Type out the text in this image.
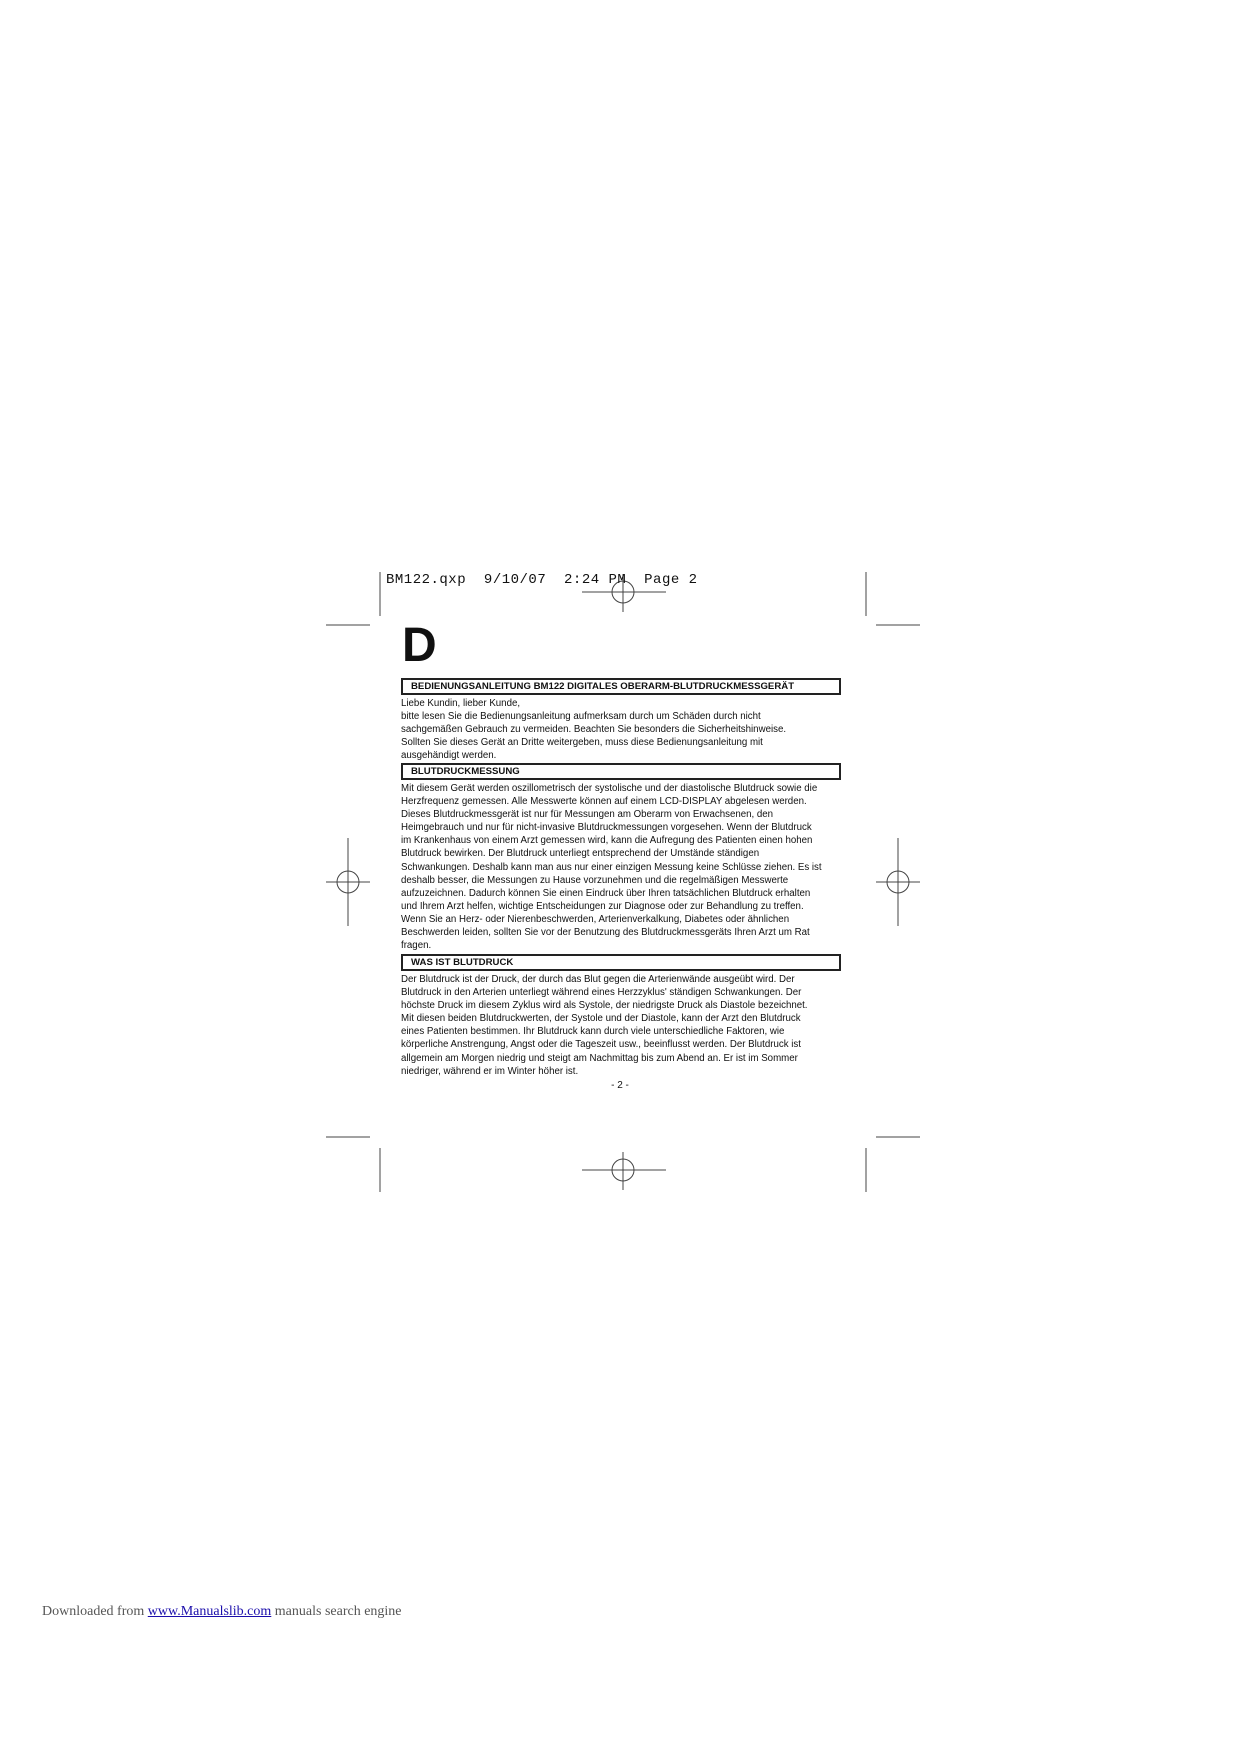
BM122.qxp  9/10/07  2:24 PM  Page 2
D
BEDIENUNGSANLEITUNG BM122 DIGITALES OBERARM-BLUTDRUCKMESSGERÄT
Liebe Kundin, lieber Kunde,
bitte lesen Sie die Bedienungsanleitung aufmerksam durch um Schäden durch nicht
sachgemäßen Gebrauch zu vermeiden. Beachten Sie besonders die Sicherheitshinweise.
Sollten Sie dieses Gerät an Dritte weitergeben, muss diese Bedienungsanleitung mit
ausgehändigt werden.
BLUTDRUCKMESSUNG
Mit diesem Gerät werden oszillometrisch der systolische und der diastolische Blutdruck sowie die
Herzfrequenz gemessen. Alle Messwerte können auf einem LCD-DISPLAY abgelesen werden.
Dieses Blutdruckmessgerät ist nur für Messungen am Oberarm von Erwachsenen, den
Heimgebrauch und nur für nicht-invasive Blutdruckmessungen vorgesehen. Wenn der Blutdruck
im Krankenhaus von einem Arzt gemessen wird, kann die Aufregung des Patienten einen hohen
Blutdruck bewirken. Der Blutdruck unterliegt entsprechend der Umstände ständigen
Schwankungen. Deshalb kann man aus nur einer einzigen Messung keine Schlüsse ziehen. Es ist
deshalb besser, die Messungen zu Hause vorzunehmen und die regelmäßigen Messwerte
aufzuzeichnen. Dadurch können Sie einen Eindruck über Ihren tatsächlichen Blutdruck erhalten
und Ihrem Arzt helfen, wichtige Entscheidungen zur Diagnose oder zur Behandlung zu treffen.
Wenn Sie an Herz- oder Nierenbeschwerden, Arterienverkalkung, Diabetes oder ähnlichen
Beschwerden leiden, sollten Sie vor der Benutzung des Blutdruckmessgeräts Ihren Arzt um Rat
fragen.
WAS IST BLUTDRUCK
Der Blutdruck ist der Druck, der durch das Blut gegen die Arterienwände ausgeübt wird. Der
Blutdruck in den Arterien unterliegt während eines Herzzyklus' ständigen Schwankungen. Der
höchste Druck im diesem Zyklus wird als Systole, der niedrigste Druck als Diastole bezeichnet.
Mit diesen beiden Blutdruckwerten, der Systole und der Diastole, kann der Arzt den Blutdruck
eines Patienten bestimmen. Ihr Blutdruck kann durch viele unterschiedliche Faktoren, wie
körperliche Anstrengung, Angst oder die Tageszeit usw., beeinflusst werden. Der Blutdruck ist
allgemein am Morgen niedrig und steigt am Nachmittag bis zum Abend an. Er ist im Sommer
niedriger, während er im Winter höher ist.
- 2 -
Downloaded from www.Manualslib.com manuals search engine
